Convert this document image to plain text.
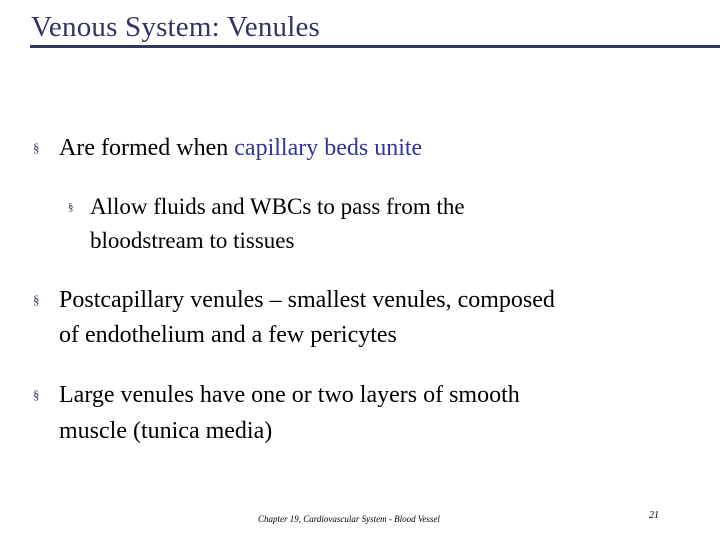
Venous System: Venules
§ Are formed when capillary beds unite
§ Allow fluids and WBCs to pass from the
bloodstream to tissues
§ Postcapillary venules – smallest venules, composed
of endothelium and a few pericytes
§ Large venules have one or two layers of smooth
muscle (tunica media)
Chapter 19, Cardiovascular System - Blood Vessel	21
